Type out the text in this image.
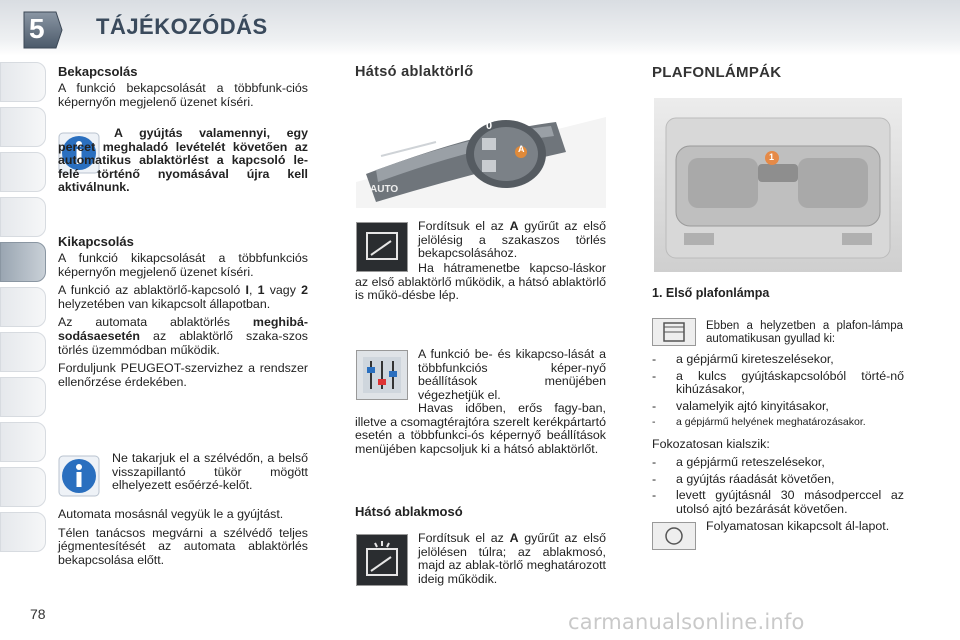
5 TÁJÉKOZÓDÁS
Bekapcsolás
A funkció bekapcsolását a többfunk-ciós képernyőn megjelenő üzenet kíséri.
A gyújtás valamennyi, egy percet meghaladó levételét követően az automatikus ablaktörlést a kapcsoló le-felé történő nyomásával újra kell aktiválnunk.
Kikapcsolás

A funkció kikapcsolását a többfunkciós képernyőn megjelenő üzenet kíséri.

A funkció az ablaktörlő-kapcsoló I, 1 vagy 2 helyzetében van kikapcsolt állapotban.

Az automata ablaktörlés meghibá-sodásaesetén az ablaktörlő szaka-szos törlés üzemmódban működik.

Forduljunk PEUGEOT-szervizhez a rendszer ellenőrzése érdekében.

Ne takarjuk el a szélvédőn, a belső visszapillantó tükör mögött elhelyezett esőérzé-kelőt.

Automata mosásnál vegyük le a gyújtást.

Télen tanácsos megvárni a szélvédő teljes jégmentesítését az automata ablaktörlés bekapcsolása előtt.

Hátsó ablaktörlő
0
A
AUTO
Fordítsuk el az A gyűrűt az első jelölésig a szakaszos törlés bekapcsolásához.
Ha hátramenetbe kapcso-láskor az első ablaktörlő működik, a hátsó ablaktörlő is műkö-désbe lép.
A funkció be- és kikapcso-lását a többfunkciós képer-nyő beállítások menüjében végezhetjük el.
Havas időben, erős fagy-ban, illetve a csomagtérajtóra szerelt kerékpártartó esetén a többfunkci-ós képernyő beállítások menüjében kapcsoljuk ki a hátsó ablaktörlőt.
Hátsó ablakmosó
Fordítsuk el az A gyűrűt az első jelölésen túlra; az ablakmosó, majd az ablak-törlő meghatározott ideig működik.
PLAFONLÁMPÁK
1
1. Első plafonlámpa
Ebben a helyzetben a plafon-lámpa automatikusan gyullad ki:
- a gépjármű kireteszelésekor,
- a kulcs gyújtáskapcsolóból törté-nő kihúzásakor,
- valamelyik ajtó kinyitásakor,
- a gépjármű helyének meghatározásakor.
Fokozatosan kialszik:
- a gépjármű reteszelésekor,
- a gyújtás ráadását követően,
- levett gyújtásnál 30 másodperccel az utolsó ajtó bezárását követően.
Folyamatosan kikapcsolt ál-lapot.
78	carmanualsonline.info
